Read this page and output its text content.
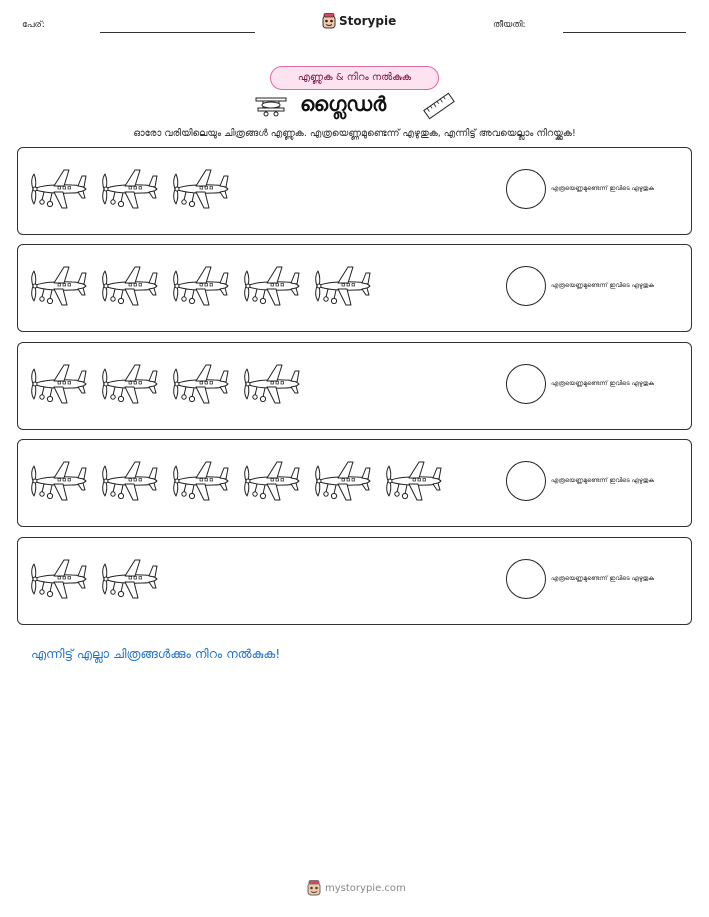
പേര്:	Storypie	തീയതി:
എണ്ണുക & നിറം നൽകുക
ഗ്ലൈഡർ
ഓരോ വരിയിലെയും ചിത്രങ്ങൾ എണ്ണുക. എത്രയെണ്ണമുണ്ടെന്ന് എഴുതുക, എന്നിട്ട് അവയെല്ലാം നിറയ്ക്കുക!
എത്രയെണ്ണമുണ്ടെന്ന് ഇവിടെ എഴുതുക
എത്രയെണ്ണമുണ്ടെന്ന് ഇവിടെ എഴുതുക
എത്രയെണ്ണമുണ്ടെന്ന് ഇവിടെ എഴുതുക
എത്രയെണ്ണമുണ്ടെന്ന് ഇവിടെ എഴുതുക
എത്രയെണ്ണമുണ്ടെന്ന് ഇവിടെ എഴുതുക
എന്നിട്ട് എല്ലാ ചിത്രങ്ങൾക്കും നിറം നൽകുക!
mystorypie.com
